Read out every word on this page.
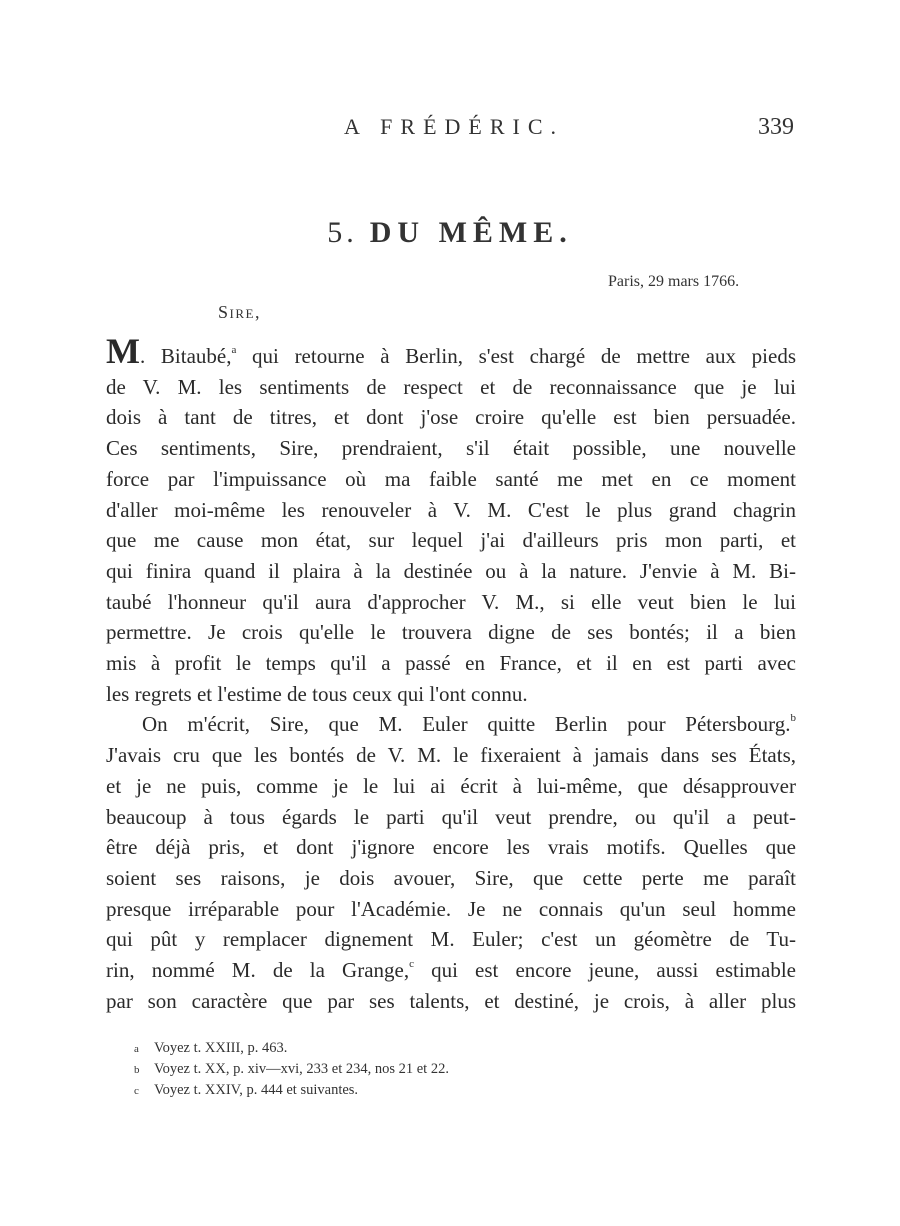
A FRÉDÉRIC.	339
5. DU MÊME.
Paris, 29 mars 1766.
Sire,

M. Bitaubé,$^a$ qui retourne à Berlin, s'est chargé de mettre aux pieds
de V. M. les sentiments de respect et de reconnaissance que je lui
dois à tant de titres, et dont j'ose croire qu'elle est bien persuadée.
Ces sentiments, Sire, prendraient, s'il était possible, une nouvelle
force par l'impuissance où ma faible santé me met en ce moment
d'aller moi-même les renouveler à V. M. C'est le plus grand chagrin
que me cause mon état, sur lequel j'ai d'ailleurs pris mon parti, et
qui finira quand il plaira à la destinée ou à la nature. J'envie à M. Bi-
taubé l'honneur qu'il aura d'approcher V. M., si elle veut bien le lui
permettre. Je crois qu'elle le trouvera digne de ses bontés; il a bien
mis à profit le temps qu'il a passé en France, et il en est parti avec
les regrets et l'estime de tous ceux qui l'ont connu.

On m'écrit, Sire, que M. Euler quitte Berlin pour Pétersbourg.$^b$
J'avais cru que les bontés de V. M. le fixeraient à jamais dans ses États,
et je ne puis, comme je le lui ai écrit à lui-même, que désapprouver
beaucoup à tous égards le parti qu'il veut prendre, ou qu'il a peut-
être déjà pris, et dont j'ignore encore les vrais motifs. Quelles que
soient ses raisons, je dois avouer, Sire, que cette perte me paraît
presque irréparable pour l'Académie. Je ne connais qu'un seul homme
qui pût y remplacer dignement M. Euler; c'est un géomètre de Tu-
rin, nommé M. de la Grange,$^c$ qui est encore jeune, aussi estimable
par son caractère que par ses talents, et destiné, je crois, à aller plus

a Voyez t. XXIII, p. 463.
b Voyez t. XX, p. xiv—xvi, 233 et 234, nos 21 et 22.
c Voyez t. XXIV, p. 444 et suivantes.
